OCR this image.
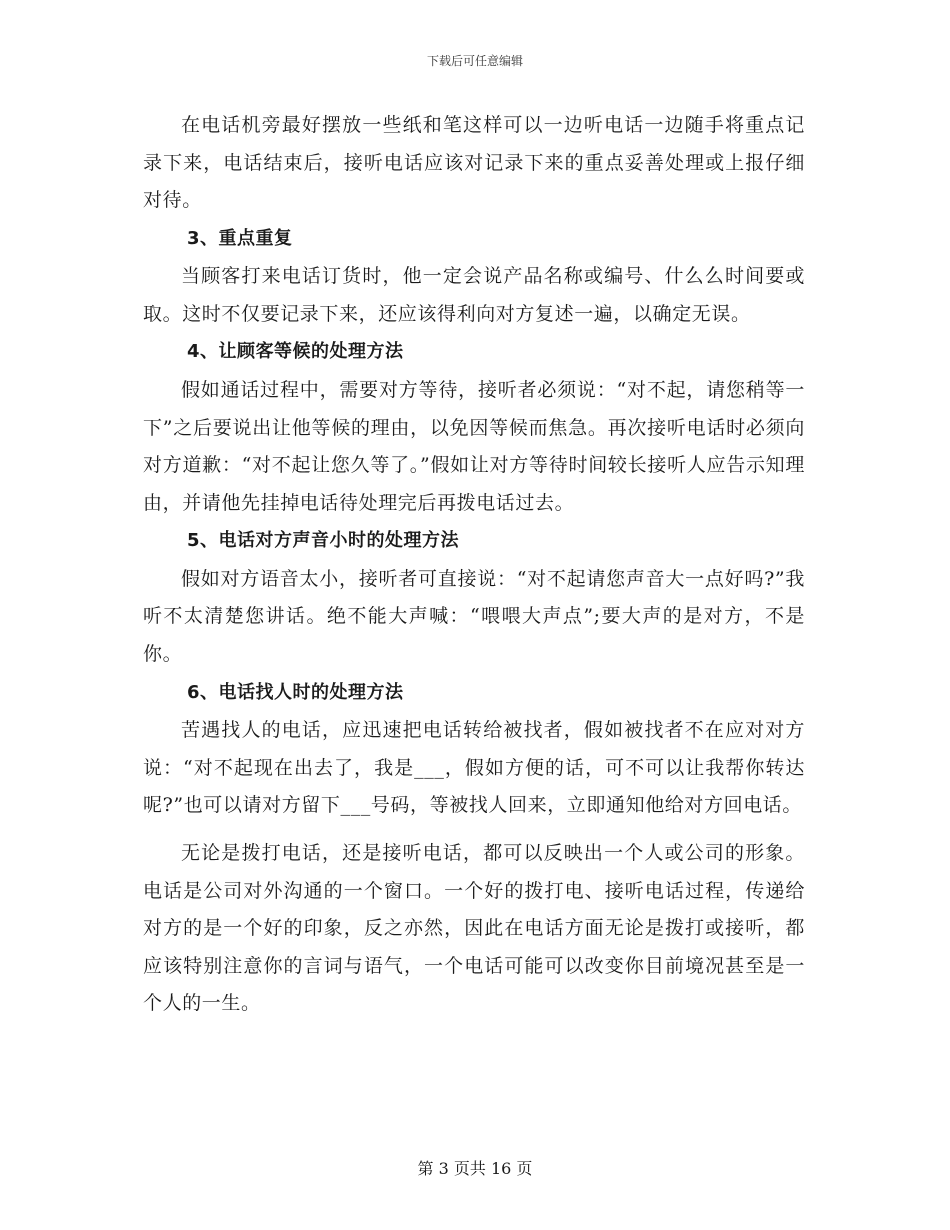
下载后可任意编辑

在电话机旁最好摆放一些纸和笔这样可以一边听电话一边随手将重点记录下来，电话结束后，接听电话应该对记录下来的重点妥善处理或上报仔细对待。

3、重点重复

当顾客打来电话订货时，他一定会说产品名称或编号、什么么时间要或取。这时不仅要记录下来，还应该得利向对方复述一遍，以确定无误。

4、让顾客等候的处理方法

假如通话过程中，需要对方等待，接听者必须说：“对不起，请您稍等一下”之后要说出让他等候的理由，以免因等候而焦急。再次接听电话时必须向对方道歉：“对不起让您久等了。”假如让对方等待时间较长接听人应告示知理由，并请他先挂掉电话待处理完后再拨电话过去。

5、电话对方声音小时的处理方法

假如对方语音太小，接听者可直接说：“对不起请您声音大一点好吗?”我听不太清楚您讲话。绝不能大声喊：“喂喂大声点”;要大声的是对方，不是你。

6、电话找人时的处理方法

苦遇找人的电话，应迅速把电话转给被找者，假如被找者不在应对对方说：“对不起现在出去了，我是___，假如方便的话，可不可以让我帮你转达呢?”也可以请对方留下___号码，等被找人回来，立即通知他给对方回电话。

无论是拨打电话，还是接听电话，都可以反映出一个人或公司的形象。电话是公司对外沟通的一个窗口。一个好的拨打电、接听电话过程，传递给对方的是一个好的印象，反之亦然，因此在电话方面无论是拨打或接听，都应该特别注意你的言词与语气，一个电话可能可以改变你目前境况甚至是一个人的一生。

第 3 页共 16 页
